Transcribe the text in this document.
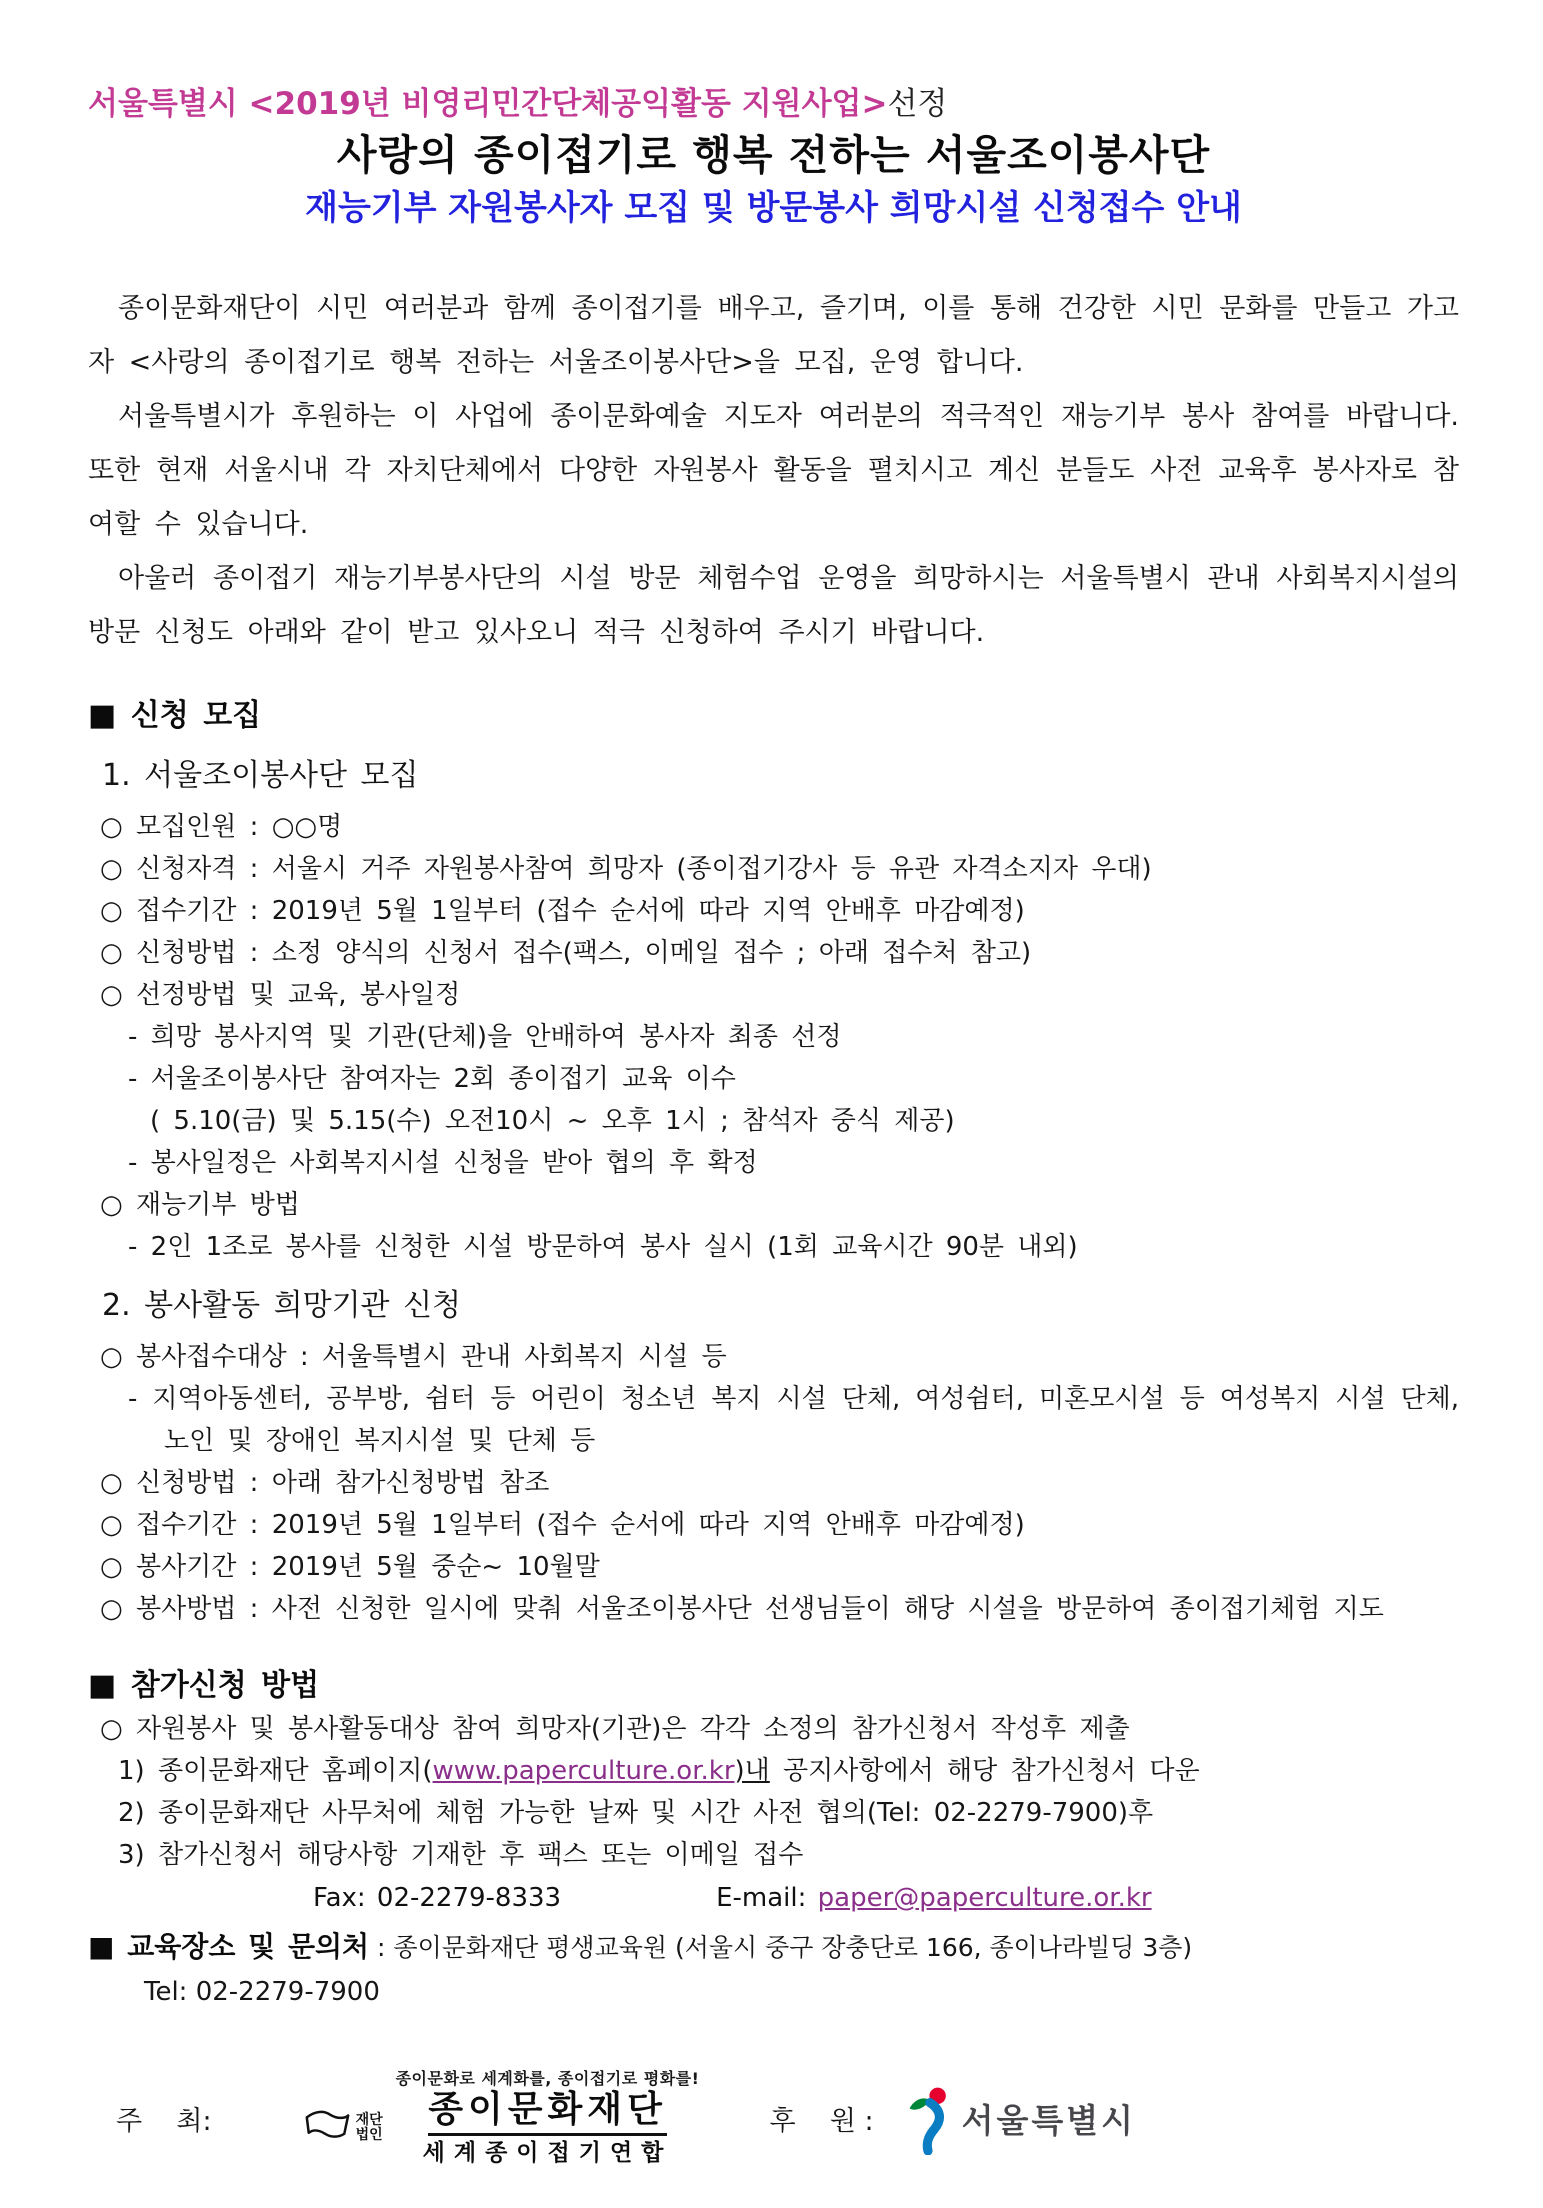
서울특별시 <2019년 비영리민간단체공익활동 지원사업>선정
사랑의 종이접기로 행복 전하는 서울조이봉사단
재능기부 자원봉사자 모집 및 방문봉사 희망시설 신청접수 안내

종이문화재단이 시민 여러분과 함께 종이접기를 배우고, 즐기며, 이를 통해 건강한 시민 문화를 만들고 가고자 <사랑의 종이접기로 행복 전하는 서울조이봉사단>을 모집, 운영 합니다.

서울특별시가 후원하는 이 사업에 종이문화예술 지도자 여러분의 적극적인 재능기부 봉사 참여를 바랍니다. 또한 현재 서울시내 각 자치단체에서 다양한 자원봉사 활동을 펼치시고 계신 분들도 사전 교육후 봉사자로 참여할 수 있습니다.

아울러 종이접기 재능기부봉사단의 시설 방문 체험수업 운영을 희망하시는 서울특별시 관내 사회복지시설의 방문 신청도 아래와 같이 받고 있사오니 적극 신청하여 주시기 바랍니다.

■ 신청 모집
1. 서울조이봉사단 모집
○ 모집인원 : ○○명
○ 신청자격 : 서울시 거주 자원봉사참여 희망자 (종이접기강사 등 유관 자격소지자 우대)
○ 접수기간 : 2019년 5월 1일부터 (접수 순서에 따라 지역 안배후 마감예정)
○ 신청방법 : 소정 양식의 신청서 접수(팩스, 이메일 접수 ; 아래 접수처 참고)
○ 선정방법 및 교육, 봉사일정
- 희망 봉사지역 및 기관(단체)을 안배하여 봉사자 최종 선정
- 서울조이봉사단 참여자는 2회 종이접기 교육 이수
( 5.10(금) 및 5.15(수) 오전10시 ~ 오후 1시 ; 참석자 중식 제공)
- 봉사일정은 사회복지시설 신청을 받아 협의 후 확정
○ 재능기부 방법
- 2인 1조로 봉사를 신청한 시설 방문하여 봉사 실시 (1회 교육시간 90분 내외)
2. 봉사활동 희망기관 신청
○ 봉사접수대상 : 서울특별시 관내 사회복지 시설 등
- 지역아동센터, 공부방, 쉼터 등 어린이 청소년 복지 시설 단체, 여성쉼터, 미혼모시설 등 여성복지 시설 단체, 노인 및 장애인 복지시설 및 단체 등
○ 신청방법 : 아래 참가신청방법 참조
○ 접수기간 : 2019년 5월 1일부터 (접수 순서에 따라 지역 안배후 마감예정)
○ 봉사기간 : 2019년 5월 중순~ 10월말
○ 봉사방법 : 사전 신청한 일시에 맞춰 서울조이봉사단 선생님들이 해당 시설을 방문하여 종이접기체험 지도
■ 참가신청 방법
○ 자원봉사 및 봉사활동대상 참여 희망자(기관)은 각각 소정의 참가신청서 작성후 제출
1) 종이문화재단 홈페이지(www.paperculture.or.kr)내 공지사항에서 해당 참가신청서 다운
2) 종이문화재단 사무처에 체험 가능한 날짜 및 시간 사전 협의(Tel: 02-2279-7900)후
3) 참가신청서 해당사항 기재한 후 팩스 또는 이메일 접수
Fax: 02-2279-8333	E-mail: paper@paperculture.or.kr
■ 교육장소 및 문의처 : 종이문화재단 평생교육원 (서울시 중구 장충단로 166, 종이나라빌딩 3층)
Tel: 02-2279-7900
주    최:	재단법인
종이문화로 세계화를, 종이접기로 평화를!
종이문화재단
세계종이접기연합
후    원 :	서울특별시
